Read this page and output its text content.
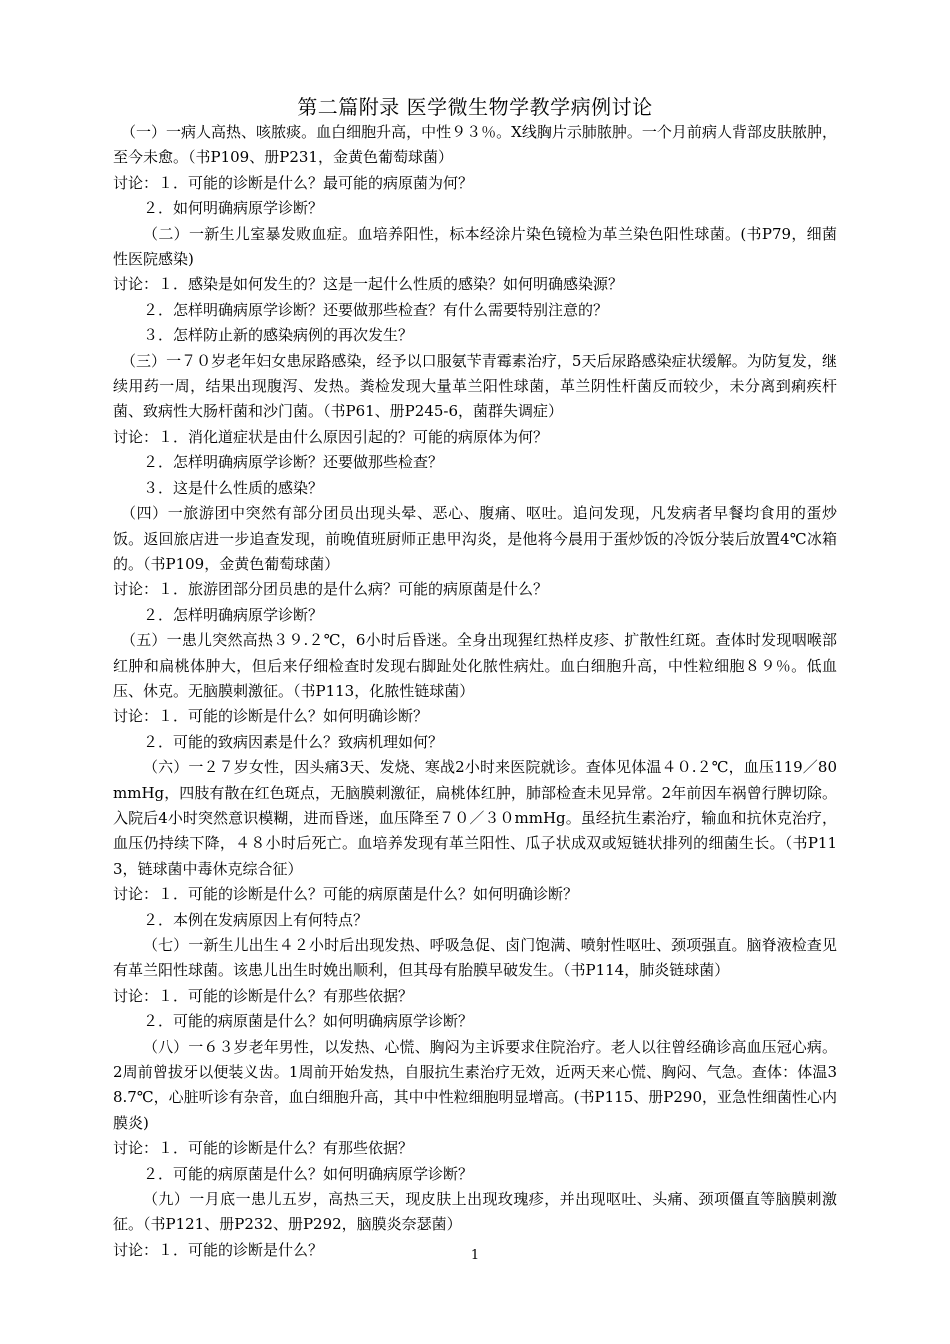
第二篇附录 医学微生物学教学病例讨论

（一）一病人高热、咳脓痰。血白细胞升高，中性９３％。X线胸片示肺脓肿。一个月前病人背部皮肤脓肿，至今未愈。（书P109、册P231，金黄色葡萄球菌）

讨论：１．可能的诊断是什么？最可能的病原菌为何？

２．如何明确病原学诊断？

（二）一新生儿室暴发败血症。血培养阳性，标本经涂片染色镜检为革兰染色阳性球菌。(书P79，细菌性医院感染)

讨论：１．感染是如何发生的？这是一起什么性质的感染？如何明确感染源？

２．怎样明确病原学诊断？还要做那些检查？有什么需要特别注意的？

３．怎样防止新的感染病例的再次发生？

（三）一７０岁老年妇女患尿路感染，经予以口服氨苄青霉素治疗，5天后尿路感染症状缓解。为防复发，继续用药一周，结果出现腹泻、发热。粪检发现大量革兰阳性球菌，革兰阴性杆菌反而较少，未分离到痢疾杆菌、致病性大肠杆菌和沙门菌。（书P61、册P245-6，菌群失调症）

讨论：１．消化道症状是由什么原因引起的？可能的病原体为何？

２．怎样明确病原学诊断？还要做那些检查？

３．这是什么性质的感染？

（四）一旅游团中突然有部分团员出现头晕、恶心、腹痛、呕吐。追问发现，凡发病者早餐均食用的蛋炒饭。返回旅店进一步追查发现，前晚值班厨师正患甲沟炎，是他将今晨用于蛋炒饭的冷饭分装后放置4℃冰箱的。（书P109，金黄色葡萄球菌）

讨论：１．旅游团部分团员患的是什么病？可能的病原菌是什么？

２．怎样明确病原学诊断？

（五）一患儿突然高热３９.２℃，6小时后昏迷。全身出现猩红热样皮疹、扩散性红斑。查体时发现咽喉部红肿和扁桃体肿大，但后来仔细检查时发现右脚趾处化脓性病灶。血白细胞升高，中性粒细胞８９％。低血压、休克。无脑膜刺激征。（书P113，化脓性链球菌）

讨论：１．可能的诊断是什么？如何明确诊断？

２．可能的致病因素是什么？致病机理如何？

（六）一２７岁女性，因头痛3天、发烧、寒战2小时来医院就诊。查体见体温４０.２℃，血压119／80mmHg，四肢有散在红色斑点，无脑膜刺激征，扁桃体红肿，肺部检查未见异常。2年前因车祸曾行脾切除。入院后4小时突然意识模糊，进而昏迷，血压降至７０／３０mmHg。虽经抗生素治疗，输血和抗休克治疗，血压仍持续下降，４８小时后死亡。血培养发现有革兰阳性、瓜子状成双或短链状排列的细菌生长。（书P113，链球菌中毒休克综合征）

讨论：１．可能的诊断是什么？可能的病原菌是什么？如何明确诊断？

２．本例在发病原因上有何特点？

（七）一新生儿出生４２小时后出现发热、呼吸急促、卤门饱满、喷射性呕吐、颈项强直。脑脊液检查见有革兰阳性球菌。该患儿出生时娩出顺利，但其母有胎膜早破发生。（书P114，肺炎链球菌）

讨论：１．可能的诊断是什么？有那些依据？

２．可能的病原菌是什么？如何明确病原学诊断？

（八）一６３岁老年男性，以发热、心慌、胸闷为主诉要求住院治疗。老人以往曾经确诊高血压冠心病。2周前曾拔牙以便装义齿。1周前开始发热，自服抗生素治疗无效，近两天来心慌、胸闷、气急。查体：体温38.7℃，心脏听诊有杂音，血白细胞升高，其中中性粒细胞明显增高。(书P115、册P290，亚急性细菌性心内膜炎)

讨论：１．可能的诊断是什么？有那些依据？

２．可能的病原菌是什么？如何明确病原学诊断？

（九）一月底一患儿五岁，高热三天，现皮肤上出现玫瑰疹，并出现呕吐、头痛、颈项僵直等脑膜刺激征。（书P121、册P232、册P292，脑膜炎奈瑟菌）

讨论：１．可能的诊断是什么？	1
